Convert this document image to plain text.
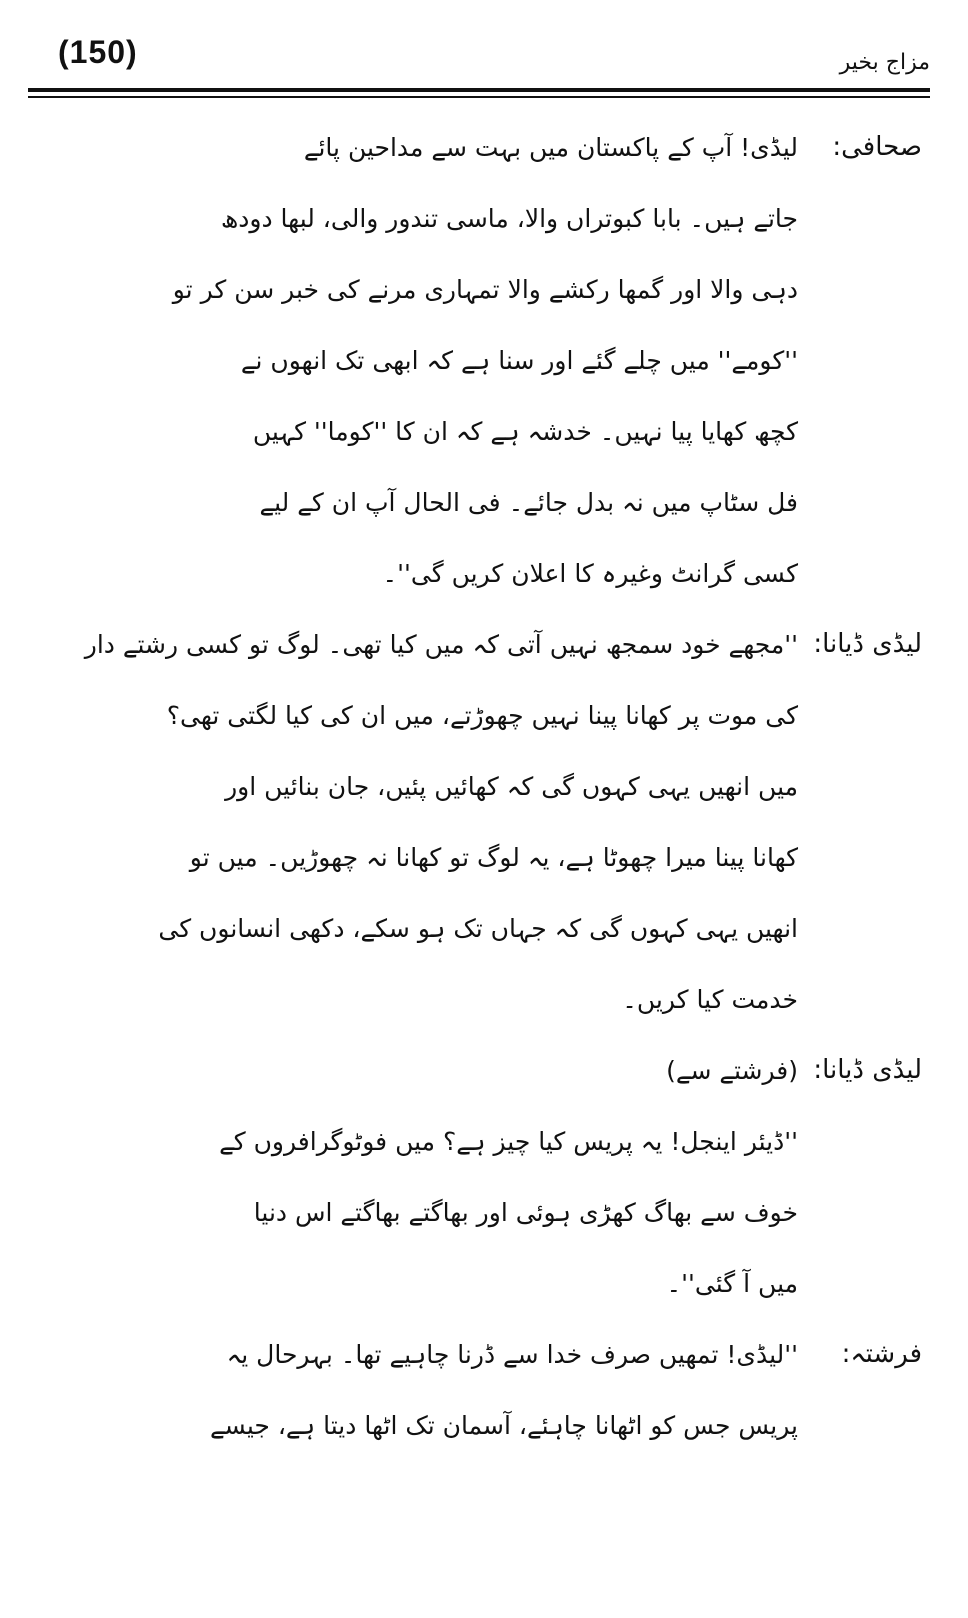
(150)	مزاج بخیر
صحافی:
لیڈی! آپ کے پاکستان میں بہت سے مداحین پائے
جاتے ہیں۔ بابا کبوتراں والا، ماسی تندور والی، لبھا دودھ
دہی والا اور گمھا رکشے والا تمہاری مرنے کی خبر سن کر تو
''کومے'' میں چلے گئے اور سنا ہے کہ ابھی تک انھوں نے
کچھ کھایا پیا نہیں۔ خدشہ ہے کہ ان کا ''کوما'' کہیں
فل سٹاپ میں نہ بدل جائے۔ فی الحال آپ ان کے لیے
کسی گرانٹ وغیرہ کا اعلان کریں گی''۔
لیڈی ڈیانا:
''مجھے خود سمجھ نہیں آتی کہ میں کیا تھی۔ لوگ تو کسی رشتے دار
کی موت پر کھانا پینا نہیں چھوڑتے، میں ان کی کیا لگتی تھی؟
میں انھیں یہی کہوں گی کہ کھائیں پئیں، جان بنائیں اور
کھانا پینا میرا چھوٹا ہے، یہ لوگ تو کھانا نہ چھوڑیں۔ میں تو
انھیں یہی کہوں گی کہ جہاں تک ہو سکے، دکھی انسانوں کی
خدمت کیا کریں۔
لیڈی ڈیانا:
(فرشتے سے)
''ڈیئر اینجل! یہ پریس کیا چیز ہے؟ میں فوٹوگرافروں کے
خوف سے بھاگ کھڑی ہوئی اور بھاگتے بھاگتے اس دنیا
میں آ گئی''۔
فرشتہ:
''لیڈی! تمھیں صرف خدا سے ڈرنا چاہیے تھا۔ بہرحال یہ
پریس جس کو اٹھانا چاہئے، آسمان تک اٹھا دیتا ہے، جیسے
